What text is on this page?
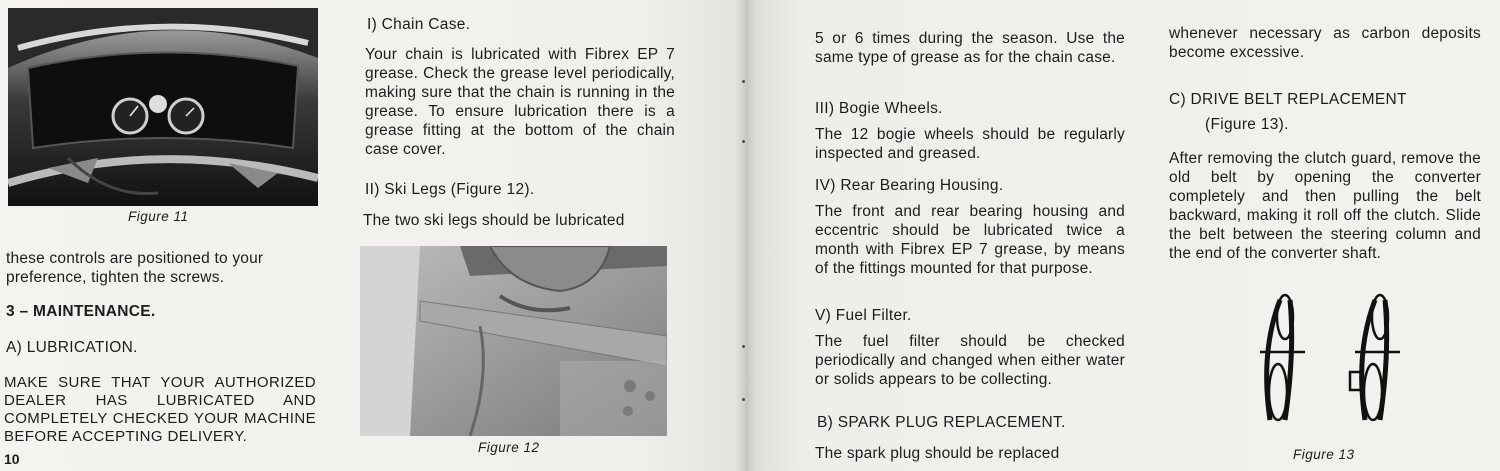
Figure 11

these controls are positioned to your preference, tighten the screws.

3 – MAINTENANCE.
A) LUBRICATION.
MAKE SURE THAT YOUR AUTHORIZED DEALER HAS LUBRICATED AND COMPLETELY CHECKED YOUR MACHINE BEFORE ACCEPTING DELIVERY.
10
I) Chain Case.

Your chain is lubricated with Fibrex EP 7 grease. Check the grease level periodically, making sure that the chain is running in the grease. To ensure lubrication there is a grease fitting at the bottom of the chain case cover.

II) Ski Legs (Figure 12).
The two ski legs should be lubricated
Figure 12

5 or 6 times during the season. Use the same type of grease as for the chain case.

III) Bogie Wheels.

The 12 bogie wheels should be regularly inspected and greased.

IV) Rear Bearing Housing.

The front and rear bearing housing and eccentric should be lubricated twice a month with Fibrex EP 7 grease, by means of the fittings mounted for that purpose.

V) Fuel Filter.

The fuel filter should be checked periodically and changed when either water or solids appears to be collecting.

B) SPARK PLUG REPLACEMENT.
The spark plug should be replaced

whenever necessary as carbon deposits become excessive.

C) DRIVE BELT REPLACEMENT
(Figure 13).

After removing the clutch guard, remove the old belt by opening the converter completely and then pulling the belt backward, making it roll off the clutch. Slide the belt between the steering column and the end of the converter shaft.

Figure 13
